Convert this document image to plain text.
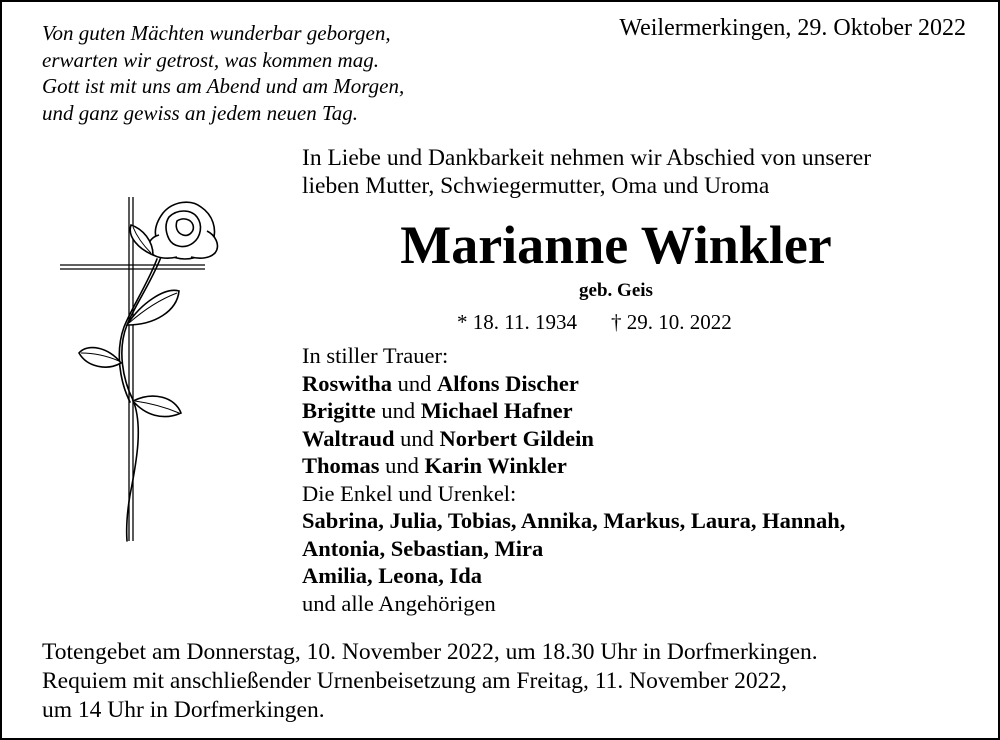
Von guten Mächten wunderbar geborgen,
erwarten wir getrost, was kommen mag.
Gott ist mit uns am Abend und am Morgen,
und ganz gewiss an jedem neuen Tag.
Weilermerkingen, 29. Oktober 2022
In Liebe und Dankbarkeit nehmen wir Abschied von unserer
lieben Mutter, Schwiegermutter, Oma und Uroma
Marianne Winkler
geb. Geis
* 18. 11. 1934 † 29. 10. 2022
In stiller Trauer:
Roswitha und Alfons Discher
Brigitte und Michael Hafner
Waltraud und Norbert Gildein
Thomas und Karin Winkler
Die Enkel und Urenkel:
Sabrina, Julia, Tobias, Annika, Markus, Laura, Hannah,
Antonia, Sebastian, Mira
Amilia, Leona, Ida
und alle Angehörigen
Totengebet am Donnerstag, 10. November 2022, um 18.30 Uhr in Dorfmerkingen.
Requiem mit anschließender Urnenbeisetzung am Freitag, 11. November 2022,
um 14 Uhr in Dorfmerkingen.
